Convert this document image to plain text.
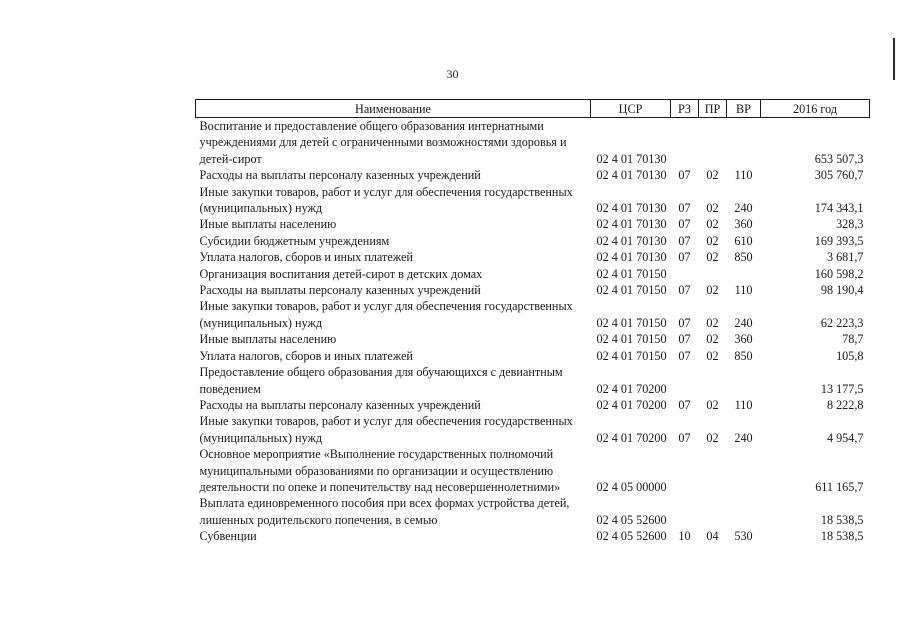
30
Наименование	ЦСР	РЗ	ПР	ВР	2016 год
Воспитание и предоставление общего образования интернатными учреждениями для детей с ограниченными возможностями здоровья и детей-сирот	02 4 01 70130				653 507,3
Расходы на выплаты персоналу казенных учреждений	02 4 01 70130	07	02	110	305 760,7
Иные закупки товаров, работ и услуг для обеспечения государственных (муниципальных) нужд	02 4 01 70130	07	02	240	174 343,1
Иные выплаты населению	02 4 01 70130	07	02	360	328,3
Субсидии бюджетным учреждениям	02 4 01 70130	07	02	610	169 393,5
Уплата налогов, сборов и иных платежей	02 4 01 70130	07	02	850	3 681,7
Организация воспитания детей-сирот в детских домах	02 4 01 70150				160 598,2
Расходы на выплаты персоналу казенных учреждений	02 4 01 70150	07	02	110	98 190,4
Иные закупки товаров, работ и услуг для обеспечения государственных (муниципальных) нужд	02 4 01 70150	07	02	240	62 223,3
Иные выплаты населению	02 4 01 70150	07	02	360	78,7
Уплата налогов, сборов и иных платежей	02 4 01 70150	07	02	850	105,8
Предоставление общего образования для обучающихся с девиантным поведением	02 4 01 70200				13 177,5
Расходы на выплаты персоналу казенных учреждений	02 4 01 70200	07	02	110	8 222,8
Иные закупки товаров, работ и услуг для обеспечения государственных (муниципальных) нужд	02 4 01 70200	07	02	240	4 954,7
Основное мероприятие «Выполнение государственных полномочий муниципальными образованиями по организации и осуществлению деятельности по опеке и попечительству над несовершеннолетними»	02 4 05 00000				611 165,7
Выплата единовременного пособия при всех формах устройства детей, лишенных родительского попечения, в семью	02 4 05 52600				18 538,5
Субвенции	02 4 05 52600	10	04	530	18 538,5
